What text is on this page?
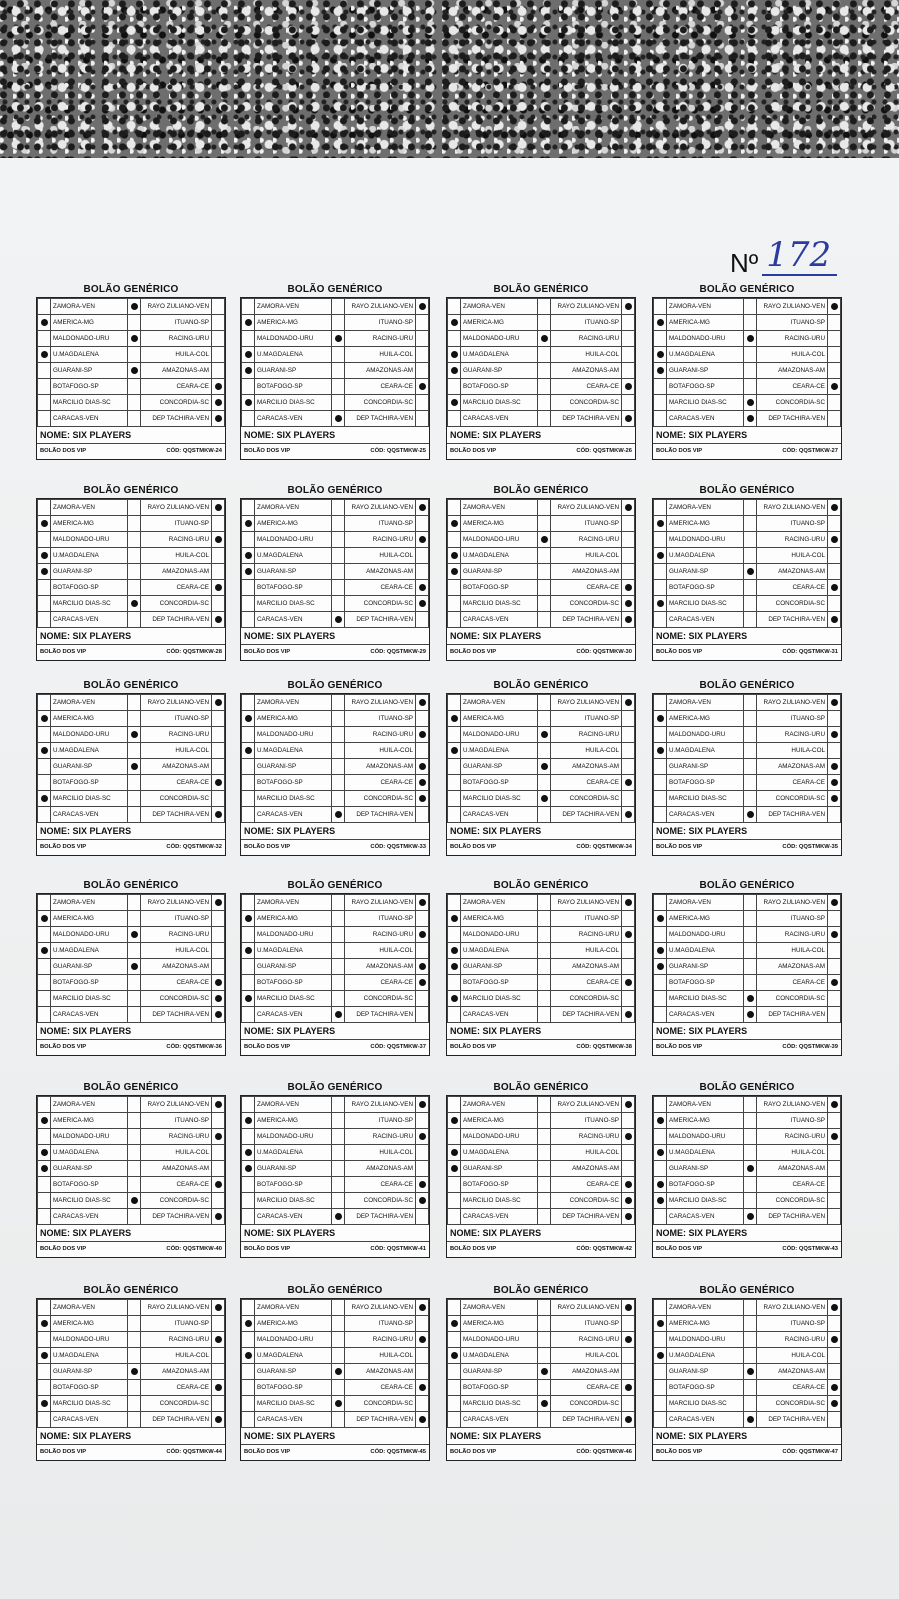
Nº 172
BOLÃO GENÉRICO
	ZAMORA-VEN		RAYO ZULIANO-VEN	
	AMERICA-MG		ITUANO-SP	
	MALDONADO-URU		RACING-URU	
	U.MAGDALENA		HUILA-COL	
	GUARANI-SP		AMAZONAS-AM	
	BOTAFOGO-SP		CEARA-CE	
	MARCILIO DIAS-SC		CONCORDIA-SC	
	CARACAS-VEN		DEP TACHIRA-VEN	
NOME: SIX PLAYERS
BOLÃO DOS VIP	CÓD: QQSTMKW-24
BOLÃO GENÉRICO
	ZAMORA-VEN		RAYO ZULIANO-VEN	
	AMERICA-MG		ITUANO-SP	
	MALDONADO-URU		RACING-URU	
	U.MAGDALENA		HUILA-COL	
	GUARANI-SP		AMAZONAS-AM	
	BOTAFOGO-SP		CEARA-CE	
	MARCILIO DIAS-SC		CONCORDIA-SC	
	CARACAS-VEN		DEP TACHIRA-VEN	
NOME: SIX PLAYERS
BOLÃO DOS VIP	CÓD: QQSTMKW-25
BOLÃO GENÉRICO
	ZAMORA-VEN		RAYO ZULIANO-VEN	
	AMERICA-MG		ITUANO-SP	
	MALDONADO-URU		RACING-URU	
	U.MAGDALENA		HUILA-COL	
	GUARANI-SP		AMAZONAS-AM	
	BOTAFOGO-SP		CEARA-CE	
	MARCILIO DIAS-SC		CONCORDIA-SC	
	CARACAS-VEN		DEP TACHIRA-VEN	
NOME: SIX PLAYERS
BOLÃO DOS VIP	CÓD: QQSTMKW-26
BOLÃO GENÉRICO
	ZAMORA-VEN		RAYO ZULIANO-VEN	
	AMERICA-MG		ITUANO-SP	
	MALDONADO-URU		RACING-URU	
	U.MAGDALENA		HUILA-COL	
	GUARANI-SP		AMAZONAS-AM	
	BOTAFOGO-SP		CEARA-CE	
	MARCILIO DIAS-SC		CONCORDIA-SC	
	CARACAS-VEN		DEP TACHIRA-VEN	
NOME: SIX PLAYERS
BOLÃO DOS VIP	CÓD: QQSTMKW-27
BOLÃO GENÉRICO
	ZAMORA-VEN		RAYO ZULIANO-VEN	
	AMERICA-MG		ITUANO-SP	
	MALDONADO-URU		RACING-URU	
	U.MAGDALENA		HUILA-COL	
	GUARANI-SP		AMAZONAS-AM	
	BOTAFOGO-SP		CEARA-CE	
	MARCILIO DIAS-SC		CONCORDIA-SC	
	CARACAS-VEN		DEP TACHIRA-VEN	
NOME: SIX PLAYERS
BOLÃO DOS VIP	CÓD: QQSTMKW-28
BOLÃO GENÉRICO
	ZAMORA-VEN		RAYO ZULIANO-VEN	
	AMERICA-MG		ITUANO-SP	
	MALDONADO-URU		RACING-URU	
	U.MAGDALENA		HUILA-COL	
	GUARANI-SP		AMAZONAS-AM	
	BOTAFOGO-SP		CEARA-CE	
	MARCILIO DIAS-SC		CONCORDIA-SC	
	CARACAS-VEN		DEP TACHIRA-VEN	
NOME: SIX PLAYERS
BOLÃO DOS VIP	CÓD: QQSTMKW-29
BOLÃO GENÉRICO
	ZAMORA-VEN		RAYO ZULIANO-VEN	
	AMERICA-MG		ITUANO-SP	
	MALDONADO-URU		RACING-URU	
	U.MAGDALENA		HUILA-COL	
	GUARANI-SP		AMAZONAS-AM	
	BOTAFOGO-SP		CEARA-CE	
	MARCILIO DIAS-SC		CONCORDIA-SC	
	CARACAS-VEN		DEP TACHIRA-VEN	
NOME: SIX PLAYERS
BOLÃO DOS VIP	CÓD: QQSTMKW-30
BOLÃO GENÉRICO
	ZAMORA-VEN		RAYO ZULIANO-VEN	
	AMERICA-MG		ITUANO-SP	
	MALDONADO-URU		RACING-URU	
	U.MAGDALENA		HUILA-COL	
	GUARANI-SP		AMAZONAS-AM	
	BOTAFOGO-SP		CEARA-CE	
	MARCILIO DIAS-SC		CONCORDIA-SC	
	CARACAS-VEN		DEP TACHIRA-VEN	
NOME: SIX PLAYERS
BOLÃO DOS VIP	CÓD: QQSTMKW-31
BOLÃO GENÉRICO
	ZAMORA-VEN		RAYO ZULIANO-VEN	
	AMERICA-MG		ITUANO-SP	
	MALDONADO-URU		RACING-URU	
	U.MAGDALENA		HUILA-COL	
	GUARANI-SP		AMAZONAS-AM	
	BOTAFOGO-SP		CEARA-CE	
	MARCILIO DIAS-SC		CONCORDIA-SC	
	CARACAS-VEN		DEP TACHIRA-VEN	
NOME: SIX PLAYERS
BOLÃO DOS VIP	CÓD: QQSTMKW-32
BOLÃO GENÉRICO
	ZAMORA-VEN		RAYO ZULIANO-VEN	
	AMERICA-MG		ITUANO-SP	
	MALDONADO-URU		RACING-URU	
	U.MAGDALENA		HUILA-COL	
	GUARANI-SP		AMAZONAS-AM	
	BOTAFOGO-SP		CEARA-CE	
	MARCILIO DIAS-SC		CONCORDIA-SC	
	CARACAS-VEN		DEP TACHIRA-VEN	
NOME: SIX PLAYERS
BOLÃO DOS VIP	CÓD: QQSTMKW-33
BOLÃO GENÉRICO
	ZAMORA-VEN		RAYO ZULIANO-VEN	
	AMERICA-MG		ITUANO-SP	
	MALDONADO-URU		RACING-URU	
	U.MAGDALENA		HUILA-COL	
	GUARANI-SP		AMAZONAS-AM	
	BOTAFOGO-SP		CEARA-CE	
	MARCILIO DIAS-SC		CONCORDIA-SC	
	CARACAS-VEN		DEP TACHIRA-VEN	
NOME: SIX PLAYERS
BOLÃO DOS VIP	CÓD: QQSTMKW-34
BOLÃO GENÉRICO
	ZAMORA-VEN		RAYO ZULIANO-VEN	
	AMERICA-MG		ITUANO-SP	
	MALDONADO-URU		RACING-URU	
	U.MAGDALENA		HUILA-COL	
	GUARANI-SP		AMAZONAS-AM	
	BOTAFOGO-SP		CEARA-CE	
	MARCILIO DIAS-SC		CONCORDIA-SC	
	CARACAS-VEN		DEP TACHIRA-VEN	
NOME: SIX PLAYERS
BOLÃO DOS VIP	CÓD: QQSTMKW-35
BOLÃO GENÉRICO
	ZAMORA-VEN		RAYO ZULIANO-VEN	
	AMERICA-MG		ITUANO-SP	
	MALDONADO-URU		RACING-URU	
	U.MAGDALENA		HUILA-COL	
	GUARANI-SP		AMAZONAS-AM	
	BOTAFOGO-SP		CEARA-CE	
	MARCILIO DIAS-SC		CONCORDIA-SC	
	CARACAS-VEN		DEP TACHIRA-VEN	
NOME: SIX PLAYERS
BOLÃO DOS VIP	CÓD: QQSTMKW-36
BOLÃO GENÉRICO
	ZAMORA-VEN		RAYO ZULIANO-VEN	
	AMERICA-MG		ITUANO-SP	
	MALDONADO-URU		RACING-URU	
	U.MAGDALENA		HUILA-COL	
	GUARANI-SP		AMAZONAS-AM	
	BOTAFOGO-SP		CEARA-CE	
	MARCILIO DIAS-SC		CONCORDIA-SC	
	CARACAS-VEN		DEP TACHIRA-VEN	
NOME: SIX PLAYERS
BOLÃO DOS VIP	CÓD: QQSTMKW-37
BOLÃO GENÉRICO
	ZAMORA-VEN		RAYO ZULIANO-VEN	
	AMERICA-MG		ITUANO-SP	
	MALDONADO-URU		RACING-URU	
	U.MAGDALENA		HUILA-COL	
	GUARANI-SP		AMAZONAS-AM	
	BOTAFOGO-SP		CEARA-CE	
	MARCILIO DIAS-SC		CONCORDIA-SC	
	CARACAS-VEN		DEP TACHIRA-VEN	
NOME: SIX PLAYERS
BOLÃO DOS VIP	CÓD: QQSTMKW-38
BOLÃO GENÉRICO
	ZAMORA-VEN		RAYO ZULIANO-VEN	
	AMERICA-MG		ITUANO-SP	
	MALDONADO-URU		RACING-URU	
	U.MAGDALENA		HUILA-COL	
	GUARANI-SP		AMAZONAS-AM	
	BOTAFOGO-SP		CEARA-CE	
	MARCILIO DIAS-SC		CONCORDIA-SC	
	CARACAS-VEN		DEP TACHIRA-VEN	
NOME: SIX PLAYERS
BOLÃO DOS VIP	CÓD: QQSTMKW-39
BOLÃO GENÉRICO
	ZAMORA-VEN		RAYO ZULIANO-VEN	
	AMERICA-MG		ITUANO-SP	
	MALDONADO-URU		RACING-URU	
	U.MAGDALENA		HUILA-COL	
	GUARANI-SP		AMAZONAS-AM	
	BOTAFOGO-SP		CEARA-CE	
	MARCILIO DIAS-SC		CONCORDIA-SC	
	CARACAS-VEN		DEP TACHIRA-VEN	
NOME: SIX PLAYERS
BOLÃO DOS VIP	CÓD: QQSTMKW-40
BOLÃO GENÉRICO
	ZAMORA-VEN		RAYO ZULIANO-VEN	
	AMERICA-MG		ITUANO-SP	
	MALDONADO-URU		RACING-URU	
	U.MAGDALENA		HUILA-COL	
	GUARANI-SP		AMAZONAS-AM	
	BOTAFOGO-SP		CEARA-CE	
	MARCILIO DIAS-SC		CONCORDIA-SC	
	CARACAS-VEN		DEP TACHIRA-VEN	
NOME: SIX PLAYERS
BOLÃO DOS VIP	CÓD: QQSTMKW-41
BOLÃO GENÉRICO
	ZAMORA-VEN		RAYO ZULIANO-VEN	
	AMERICA-MG		ITUANO-SP	
	MALDONADO-URU		RACING-URU	
	U.MAGDALENA		HUILA-COL	
	GUARANI-SP		AMAZONAS-AM	
	BOTAFOGO-SP		CEARA-CE	
	MARCILIO DIAS-SC		CONCORDIA-SC	
	CARACAS-VEN		DEP TACHIRA-VEN	
NOME: SIX PLAYERS
BOLÃO DOS VIP	CÓD: QQSTMKW-42
BOLÃO GENÉRICO
	ZAMORA-VEN		RAYO ZULIANO-VEN	
	AMERICA-MG		ITUANO-SP	
	MALDONADO-URU		RACING-URU	
	U.MAGDALENA		HUILA-COL	
	GUARANI-SP		AMAZONAS-AM	
	BOTAFOGO-SP		CEARA-CE	
	MARCILIO DIAS-SC		CONCORDIA-SC	
	CARACAS-VEN		DEP TACHIRA-VEN	
NOME: SIX PLAYERS
BOLÃO DOS VIP	CÓD: QQSTMKW-43
BOLÃO GENÉRICO
	ZAMORA-VEN		RAYO ZULIANO-VEN	
	AMERICA-MG		ITUANO-SP	
	MALDONADO-URU		RACING-URU	
	U.MAGDALENA		HUILA-COL	
	GUARANI-SP		AMAZONAS-AM	
	BOTAFOGO-SP		CEARA-CE	
	MARCILIO DIAS-SC		CONCORDIA-SC	
	CARACAS-VEN		DEP TACHIRA-VEN	
NOME: SIX PLAYERS
BOLÃO DOS VIP	CÓD: QQSTMKW-44
BOLÃO GENÉRICO
	ZAMORA-VEN		RAYO ZULIANO-VEN	
	AMERICA-MG		ITUANO-SP	
	MALDONADO-URU		RACING-URU	
	U.MAGDALENA		HUILA-COL	
	GUARANI-SP		AMAZONAS-AM	
	BOTAFOGO-SP		CEARA-CE	
	MARCILIO DIAS-SC		CONCORDIA-SC	
	CARACAS-VEN		DEP TACHIRA-VEN	
NOME: SIX PLAYERS
BOLÃO DOS VIP	CÓD: QQSTMKW-45
BOLÃO GENÉRICO
	ZAMORA-VEN		RAYO ZULIANO-VEN	
	AMERICA-MG		ITUANO-SP	
	MALDONADO-URU		RACING-URU	
	U.MAGDALENA		HUILA-COL	
	GUARANI-SP		AMAZONAS-AM	
	BOTAFOGO-SP		CEARA-CE	
	MARCILIO DIAS-SC		CONCORDIA-SC	
	CARACAS-VEN		DEP TACHIRA-VEN	
NOME: SIX PLAYERS
BOLÃO DOS VIP	CÓD: QQSTMKW-46
BOLÃO GENÉRICO
	ZAMORA-VEN		RAYO ZULIANO-VEN	
	AMERICA-MG		ITUANO-SP	
	MALDONADO-URU		RACING-URU	
	U.MAGDALENA		HUILA-COL	
	GUARANI-SP		AMAZONAS-AM	
	BOTAFOGO-SP		CEARA-CE	
	MARCILIO DIAS-SC		CONCORDIA-SC	
	CARACAS-VEN		DEP TACHIRA-VEN	
NOME: SIX PLAYERS
BOLÃO DOS VIP	CÓD: QQSTMKW-47
